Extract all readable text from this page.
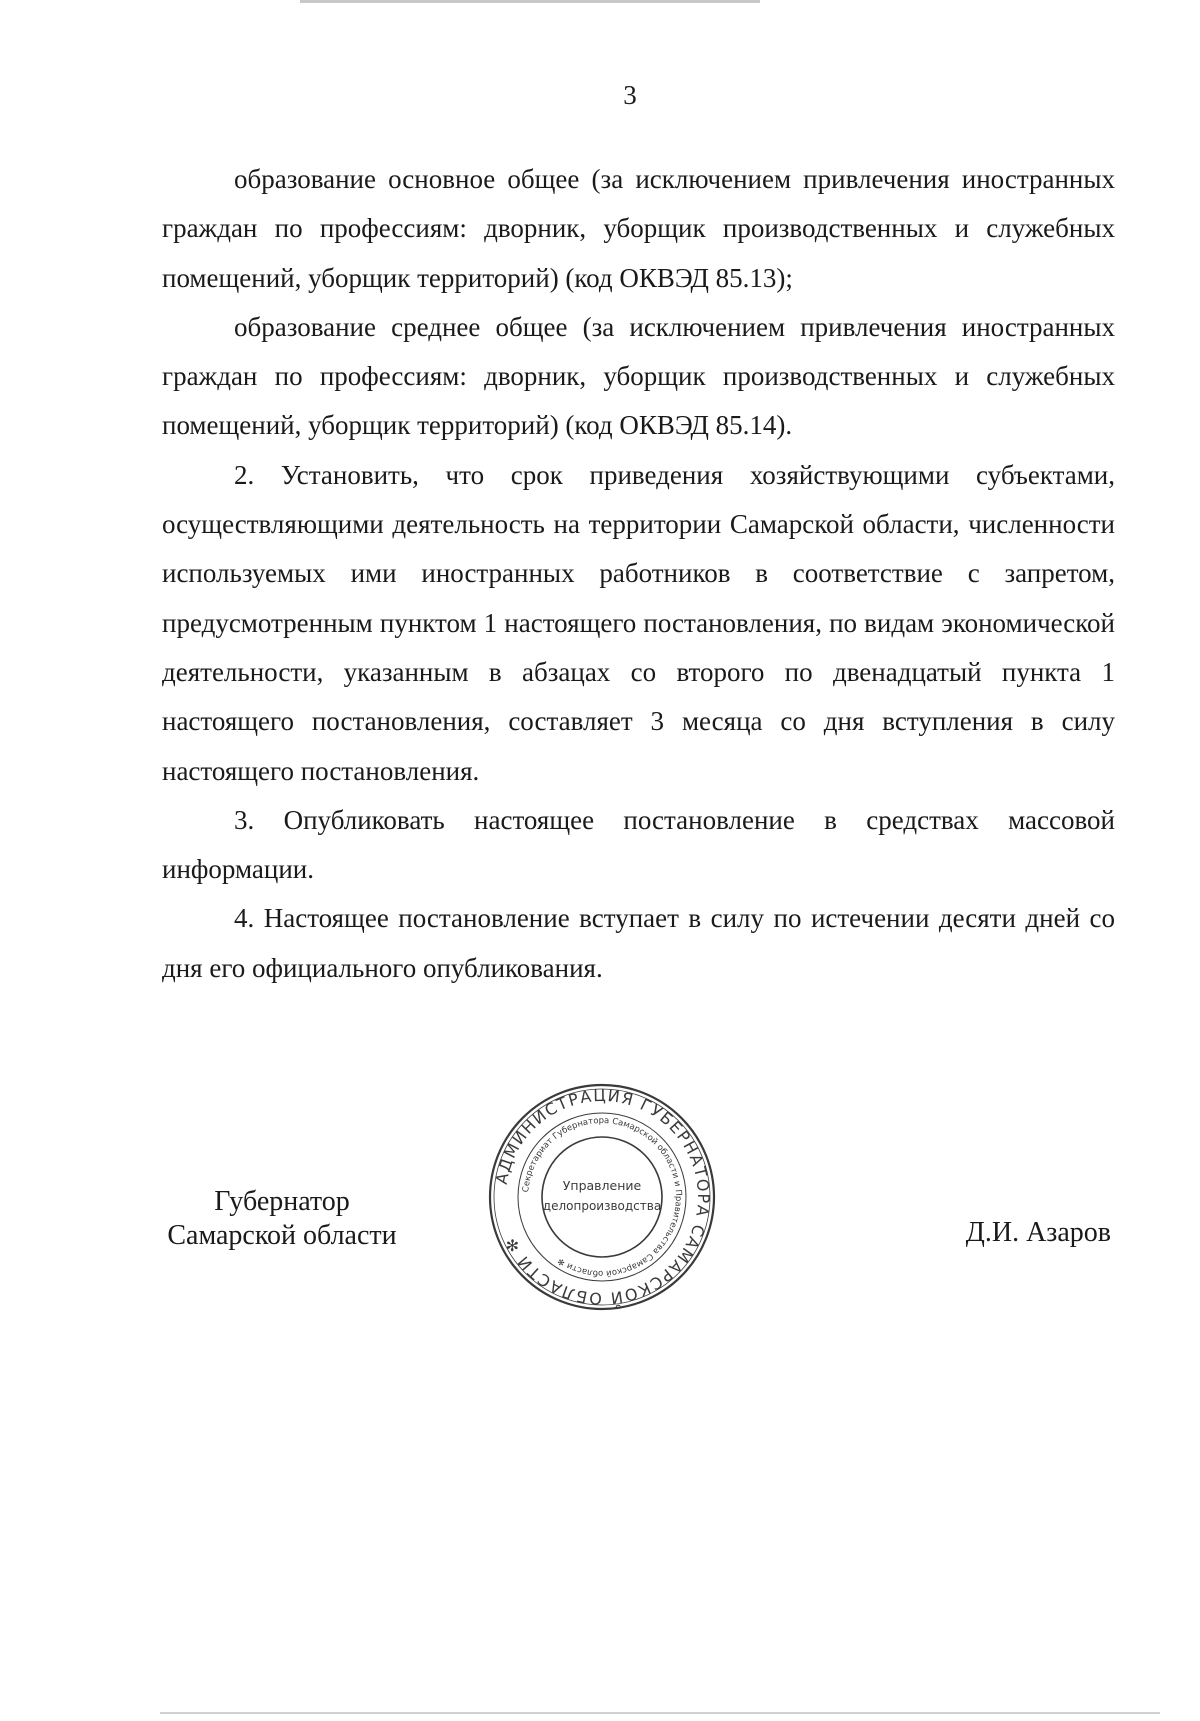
3

образование основное общее (за исключением привлечения иностранных граждан по профессиям: дворник, уборщик производственных и служебных помещений, уборщик территорий) (код ОКВЭД 85.13);

образование среднее общее (за исключением привлечения иностранных граждан по профессиям: дворник, уборщик производственных и служебных помещений, уборщик территорий) (код ОКВЭД 85.14).

2. Установить, что срок приведения хозяйствующими субъектами, осуществляющими деятельность на территории Самарской области, численности используемых ими иностранных работников в соответствие с запретом, предусмотренным пунктом 1 настоящего постановления, по видам экономической деятельности, указанным в абзацах со второго по двенадцатый пункта 1 настоящего постановления, составляет 3 месяца со дня вступления в силу настоящего постановления.

3. Опубликовать настоящее постановление в средствах массовой информации.

4. Настоящее постановление вступает в силу по истечении десяти дней со дня его официального опубликования.

Губернатор
Самарской области
АДМИНИСТРАЦИЯ ГУБЕРНАТОРА САМАРСКОЙ ОБЛАСТИ ✻
Секретариат Губернатора Самарской области и Правительства Самарской области ✻
Управление
делопроизводства
Д.И. Азаров
